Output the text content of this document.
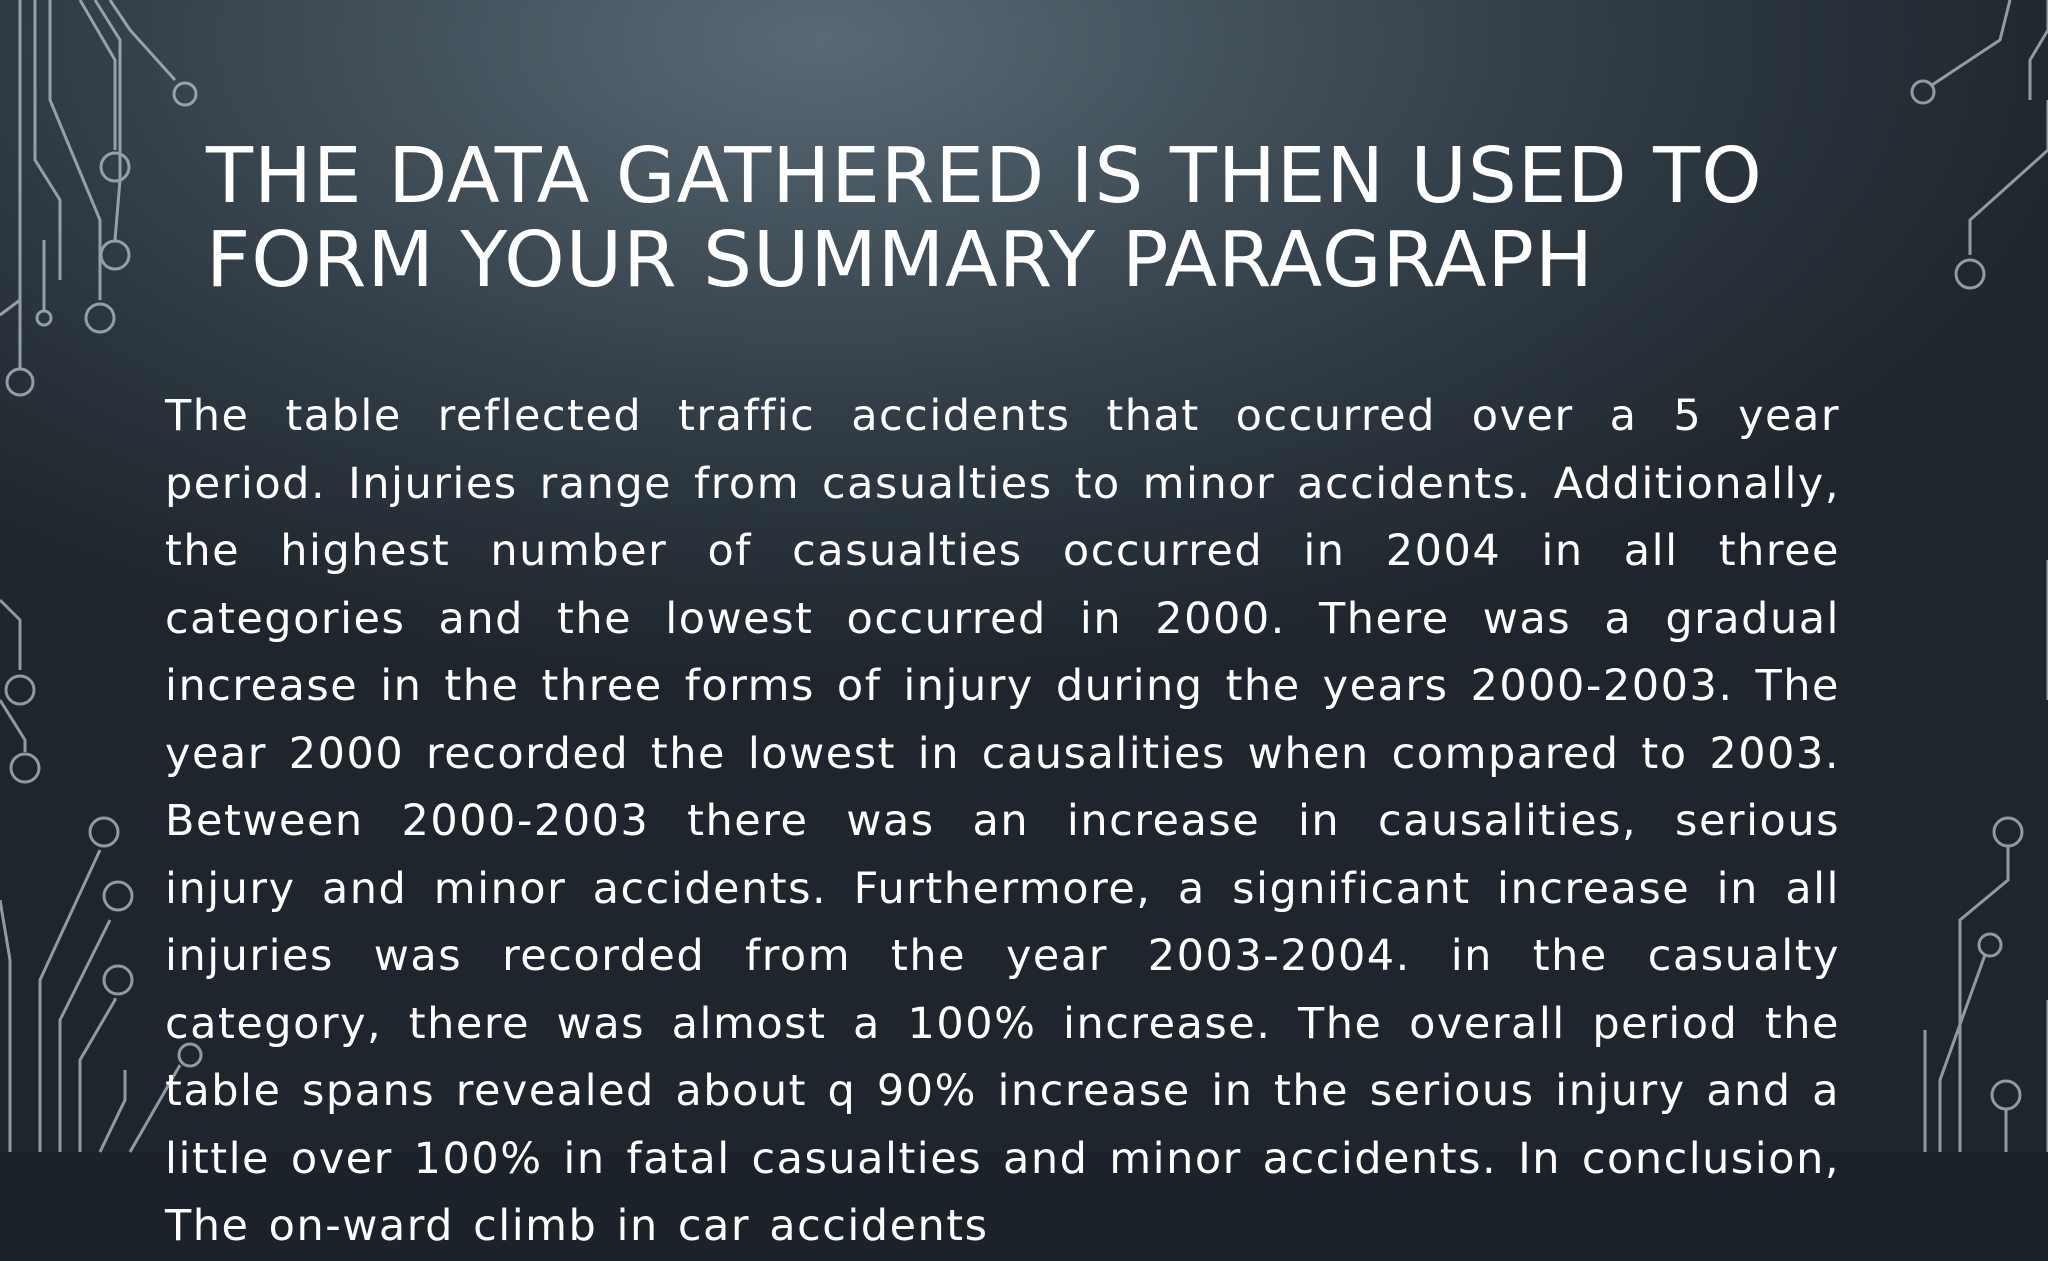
THE DATA GATHERED IS THEN USED TO FORM YOUR SUMMARY PARAGRAPH

The table reflected traffic accidents that occurred over a 5 year period. Injuries range from casualties to minor accidents. Additionally, the highest number of casualties occurred in 2004 in all three categories and the lowest occurred in 2000. There was a gradual increase in the three forms of injury during the years 2000-2003. The year 2000 recorded the lowest in causalities when compared to 2003. Between 2000-2003 there was an increase in causalities, serious injury and minor accidents. Furthermore, a significant increase in all injuries was recorded from the year 2003-2004. in the casualty category, there was almost a 100% increase. The overall period the table spans revealed about q 90% increase in the serious injury and a little over 100% in fatal casualties and minor accidents. In conclusion, The on-ward climb in car accidents
